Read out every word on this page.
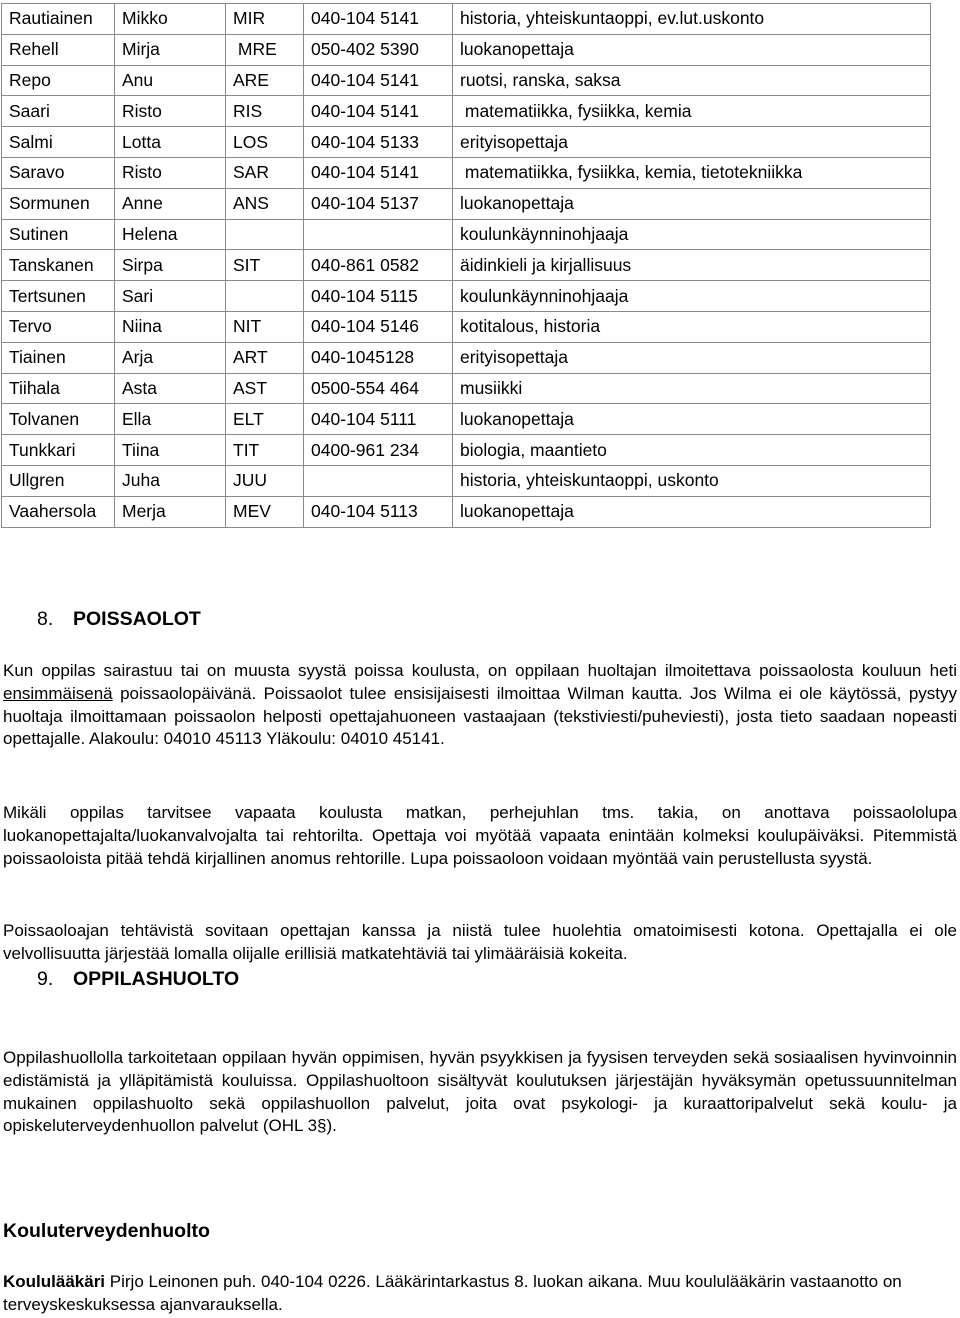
Rautiainen	Mikko	MIR	040-104 5141	historia, yhteiskuntaoppi, ev.lut.uskonto
Rehell	Mirja	MRE	050-402 5390	luokanopettaja
Repo	Anu	ARE	040-104 5141	ruotsi, ranska, saksa
Saari	Risto	RIS	040-104 5141	matematiikka, fysiikka, kemia
Salmi	Lotta	LOS	040-104 5133	erityisopettaja
Saravo	Risto	SAR	040-104 5141	matematiikka, fysiikka, kemia, tietotekniikka
Sormunen	Anne	ANS	040-104 5137	luokanopettaja
Sutinen	Helena			koulunkäynninohjaaja
Tanskanen	Sirpa	SIT	040-861 0582	äidinkieli ja kirjallisuus
Tertsunen	Sari		040-104 5115	koulunkäynninohjaaja
Tervo	Niina	NIT	040-104 5146	kotitalous, historia
Tiainen	Arja	ART	040-1045128	erityisopettaja
Tiihala	Asta	AST	0500-554 464	musiikki
Tolvanen	Ella	ELT	040-104 5111	luokanopettaja
Tunkkari	Tiina	TIT	0400-961 234	biologia, maantieto
Ullgren	Juha	JUU		historia, yhteiskuntaoppi, uskonto
Vaahersola	Merja	MEV	040-104 5113	luokanopettaja
8. POISSAOLOT

Kun oppilas sairastuu tai on muusta syystä poissa koulusta, on oppilaan huoltajan ilmoitettava poissaolosta kouluun heti ensimmäisenä poissaolopäivänä. Poissaolot tulee ensisijaisesti ilmoittaa Wilman kautta. Jos Wilma ei ole käytössä, pystyy huoltaja ilmoittamaan poissaolon helposti opettajahuoneen vastaajaan (tekstiviesti/puheviesti), josta tieto saadaan nopeasti opettajalle. Alakoulu: 04010 45113 Yläkoulu: 04010 45141.

Mikäli oppilas tarvitsee vapaata koulusta matkan, perhejuhlan tms. takia, on anottava poissaololupa luokanopettajalta/luokanvalvojalta tai rehtorilta. Opettaja voi myötää vapaata enintään kolmeksi koulupäiväksi. Pitemmistä poissaoloista pitää tehdä kirjallinen anomus rehtorille. Lupa poissaoloon voidaan myöntää vain perustellusta syystä.

Poissaoloajan tehtävistä sovitaan opettajan kanssa ja niistä tulee huolehtia omatoimisesti kotona. Opettajalla ei ole velvollisuutta järjestää lomalla olijalle erillisiä matkatehtäviä tai ylimääräisiä kokeita.

9. OPPILASHUOLTO

Oppilashuollolla tarkoitetaan oppilaan hyvän oppimisen, hyvän psyykkisen ja fyysisen terveyden sekä sosiaalisen hyvinvoinnin edistämistä ja ylläpitämistä kouluissa. Oppilashuoltoon sisältyvät koulutuksen järjestäjän hyväksymän opetussuunnitelman mukainen oppilashuolto sekä oppilashuollon palvelut, joita ovat psykologi- ja kuraattoripalvelut sekä koulu- ja opiskeluterveydenhuollon palvelut (OHL 3§).

Kouluterveydenhuolto

Koululääkäri Pirjo Leinonen puh. 040-104 0226. Lääkärintarkastus 8. luokan aikana. Muu koululääkärin vastaanotto on terveyskeskuksessa ajanvarauksella.
